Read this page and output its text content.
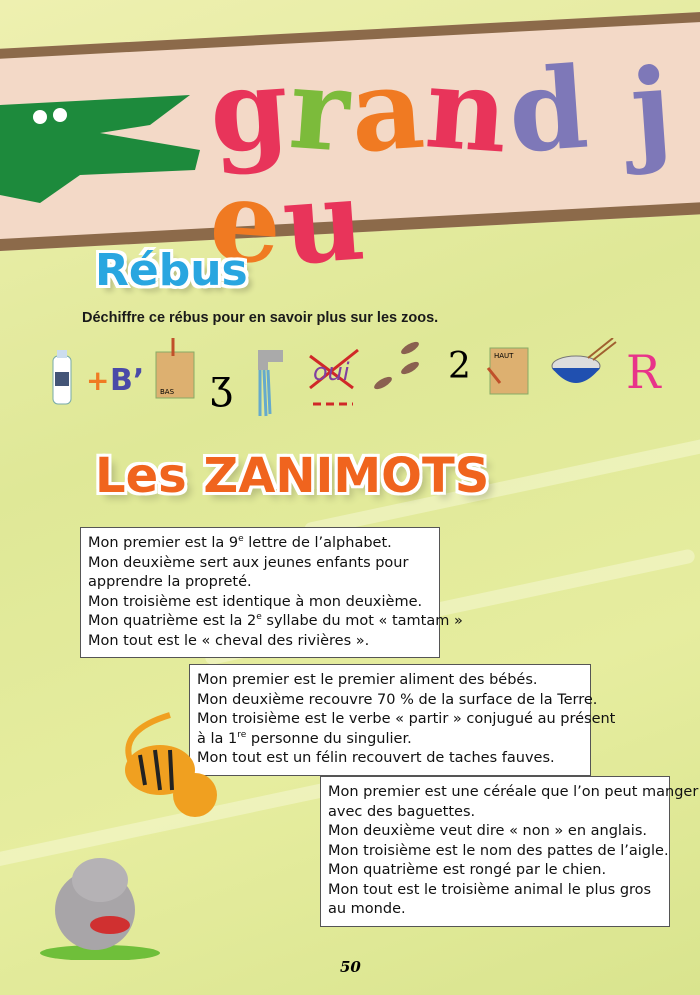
grand jeu
Rébus
Déchiffre ce rébus pour en savoir plus sur les zoos.
+ B’ BAS ʒ	oui	2	HAUT R
Les ZANIMOTS
Mon premier est la 9e lettre de l’alphabet.
Mon deuxième sert aux jeunes enfants pour
apprendre la propreté.
Mon troisième est identique à mon deuxième.
Mon quatrième est la 2e syllabe du mot « tamtam »
Mon tout est le « cheval des rivières ».
Mon premier est le premier aliment des bébés.
Mon deuxième recouvre 70 % de la surface de la Terre.
Mon troisième est le verbe « partir » conjugué au présent
à la 1re personne du singulier.
Mon tout est un félin recouvert de taches fauves.
Mon premier est une céréale que l’on peut manger
avec des baguettes.
Mon deuxième veut dire « non » en anglais.
Mon troisième est le nom des pattes de l’aigle.
Mon quatrième est rongé par le chien.
Mon tout est le troisième animal le plus gros
au monde.
50
